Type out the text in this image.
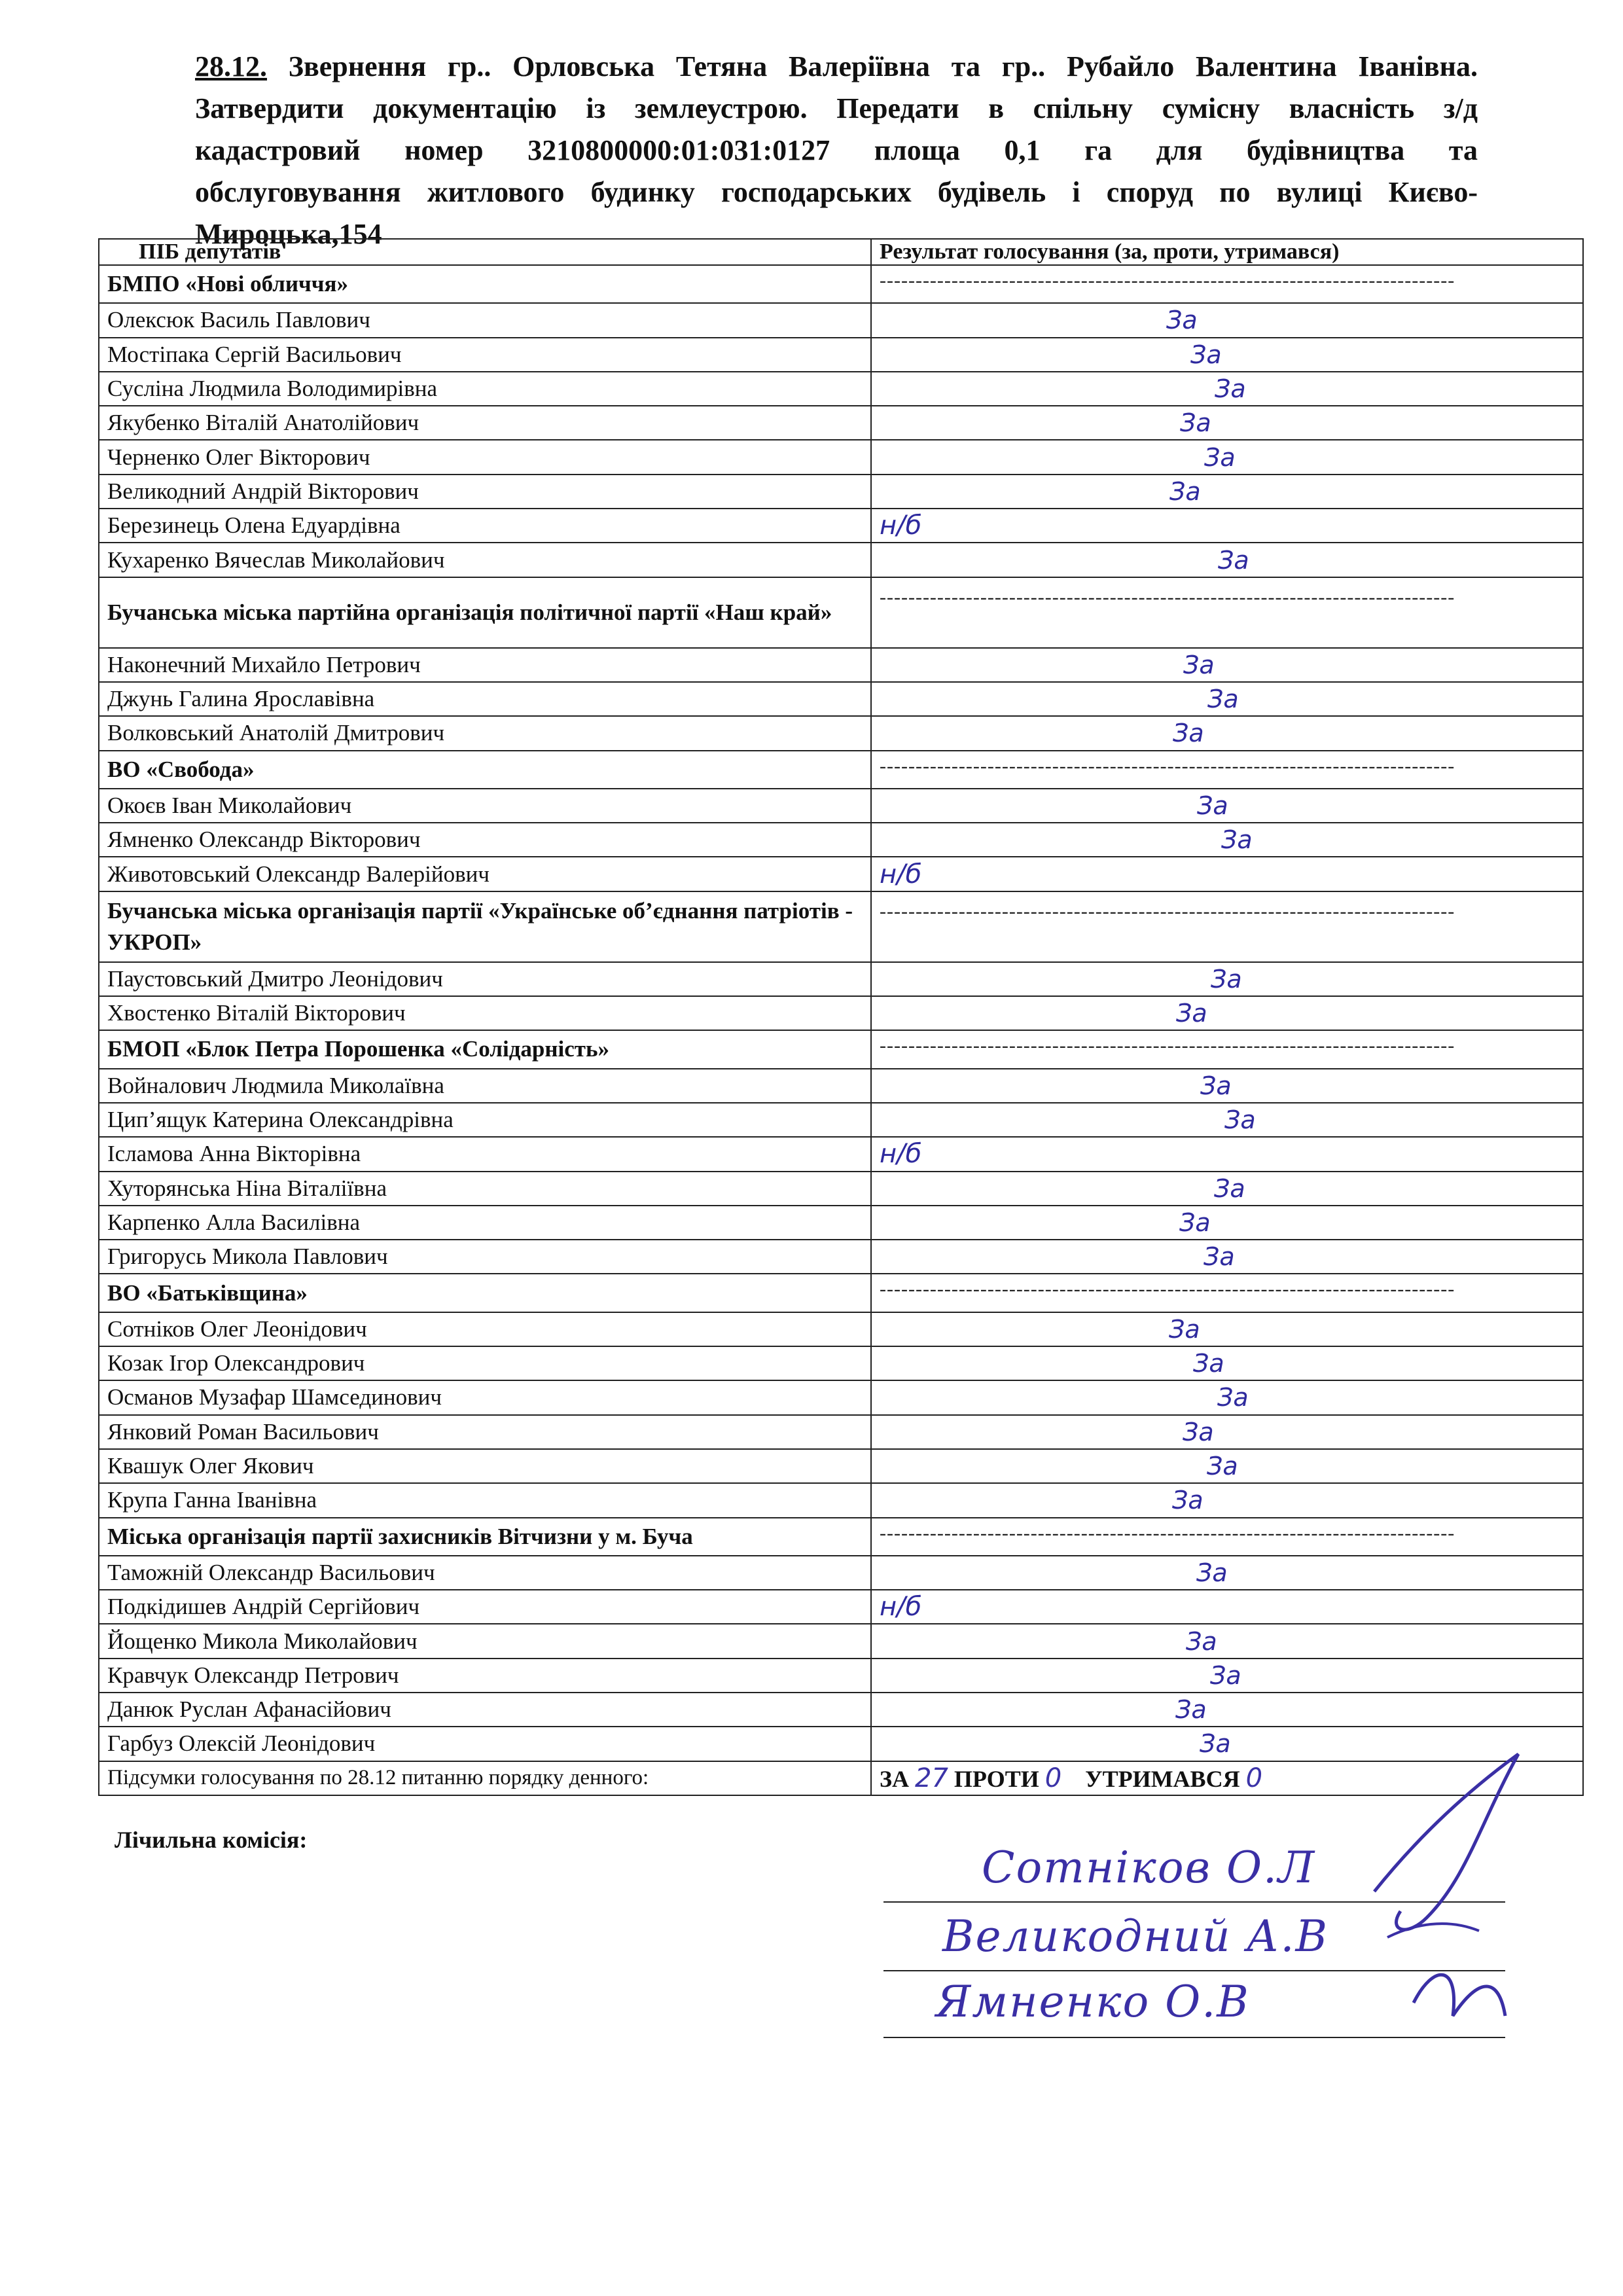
28.12. Звернення гр.. Орловська Тетяна Валеріївна та гр.. Рубайло Валентина Іванівна.
Затвердити документацію із землеустрою. Передати в спільну сумісну власність з/д
кадастровий номер 3210800000:01:031:0127 площа 0,1 га для будівництва та
обслуговування житлового будинку господарських будівель і споруд по вулиці Києво-
Мироцька,154
ПІБ депутатів	Результат голосування (за, проти, утримався)
БМПО «Нові обличчя»	--------------------------------------------------------------------------------
Олексюк Василь Павлович	За
Мостіпака Сергій Васильович	За
Сусліна Людмила Володимирівна	За
Якубенко Віталій Анатолійович	За
Черненко Олег Вікторович	За
Великодний Андрій Вікторович	За
Березинець Олена Едуардівна	н/б
Кухаренко Вячеслав Миколайович	За
Бучанська міська партійна організація політичної партії «Наш край»	--------------------------------------------------------------------------------
Наконечний Михайло Петрович	За
Джунь Галина Ярославівна	За
Волковський Анатолій Дмитрович	За
ВО «Свобода»	--------------------------------------------------------------------------------
Окоєв Іван Миколайович	За
Ямненко Олександр Вікторович	За
Животовський Олександр Валерійович	н/б
Бучанська міська організація партії «Українське об’єднання патріотів - УКРОП»	--------------------------------------------------------------------------------
Паустовський Дмитро Леонідович	За
Хвостенко Віталій Вікторович	За
БМОП «Блок Петра Порошенка «Солідарність»	--------------------------------------------------------------------------------
Войналович Людмила Миколаївна	За
Цип’ящук Катерина Олександрівна	За
Ісламова Анна Вікторівна	н/б
Хуторянська Ніна Віталіївна	За
Карпенко Алла Василівна	За
Григорусь Микола Павлович	За
ВО «Батьківщина»	--------------------------------------------------------------------------------
Сотніков Олег Леонідович	За
Козак Ігор Олександрович	За
Османов Музафар Шамсединович	За
Янковий Роман Васильович	За
Квашук Олег Якович	За
Крупа Ганна Іванівна	За
Міська організація партії захисників Вітчизни у м. Буча	--------------------------------------------------------------------------------
Таможній Олександр Васильович	За
Подкідишев Андрій Сергійович	н/б
Йощенко Микола Миколайович	За
Кравчук Олександр Петрович	За
Данюк Руслан Афанасійович	За
Гарбуз Олексій Леонідович	За
Підсумки голосування по 28.12 питанню порядку денного:	ЗА 27 ПРОТИ 0 УТРИМАВСЯ 0
Лічильна комісія:
Сотніков О.Л
Великодний А.В
Ямненко О.В
